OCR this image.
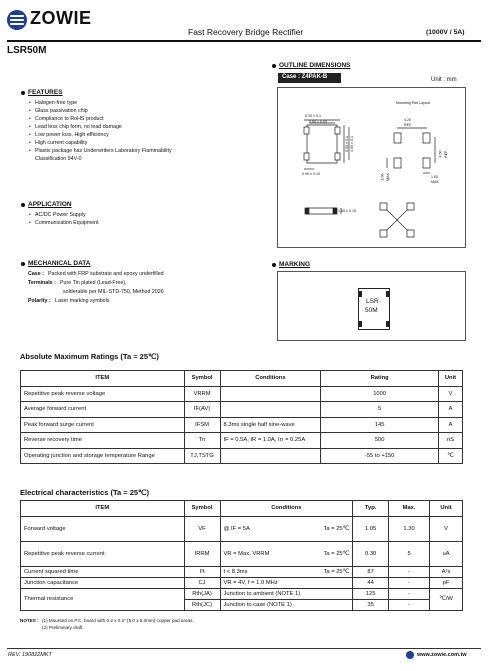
ZOWIE
Fast Recovery Bridge Rectifier	(1000V / 5A)
LSR50M
OUTLINE DIMENSIONS
Case : Z4PAK-B	Unit : mm
Mounting Pad Layout
5.30 ± 0.1
3.50 ± 0.05
0.90 ± 0.10
5.50 ± 0.1 4.00 ± 0.1
1.65 ± 0.15
4.20
REF.
1.00 MAX	1.00
MAX
4.50 REF.
FEATURES
• Halogen-free type
• Glass passivation chip
• Compliance to RoHS product
• Lead less chip form, no lead damage
• Low power loss, High efficiency
• High current capability
• Plastic package has Underwriters Laboratory Flammability
Classification 94V-0
APPLICATION
• AC/DC Power Supply
• Communication Equipment
MECHANICAL DATA
Case : Packed with FRP substrate and epoxy underfilled
Terminals : Pure Tin plated (Lead-Free),
solderable per MIL-STD-750, Method 2026
Polarity : Laser marking symbols
MARKING
LSR
50M
Absolute Maximum Ratings (Ta = 25℃)
ITEM	Symbol	Conditions	Rating	Unit
Repetitive peak reverse voltage	VRRM		1000	V
Average forward current	IF(AV)		5	A
Peak forward surge current	IFSM	8.3ms single half sine-wave	145	A
Reverse recovery time	Trr	IF = 0.5A, IR = 1.0A, Irr = 0.25A	500	nS
Operating junction and storage temperature Range	TJ,TSTG		-55 to +150	℃
Electrical characteristics (Ta = 25℃)
ITEM	Symbol	Conditions	Typ.	Max.	Unit
Forward voltage	VF	@ IF = 5A Ta = 25℃	1.05	1.30	V
Repetitive peak reverse current	IRRM	VR = Max. VRRM Ta = 25℃	0.30	5	uA
Current squared time	I²t	t < 8.3ms Ta = 25℃	87	-	A²s
Junction capacitance	CJ	VR = 4V, f = 1.0 MHz	44	-	pF
Thermal resistance	Rth(JA)	Junction to ambient (NOTE 1)	125	-	℃/W
	Rth(JC)	Junction to case (NOTE 1)	35	-	
NOTES : (1) Mounted on P.C. board with 0.2 x 0.2" (5.0 x 5.0mm) copper pad areas.
(2) Preliminary draft.
REV. 190822MKT	www.zowie.com.tw
